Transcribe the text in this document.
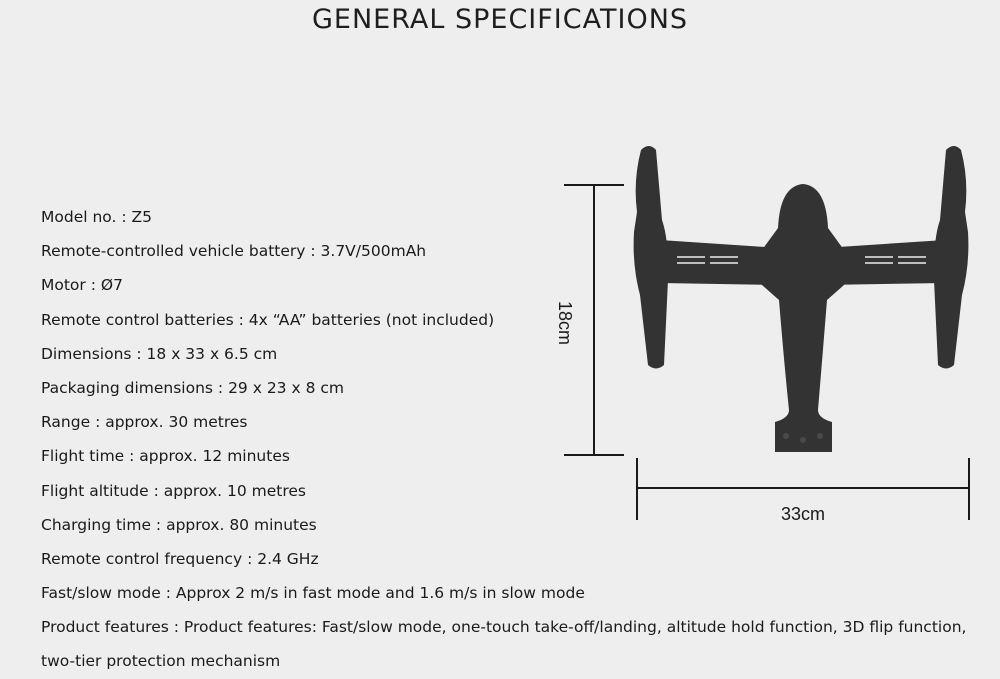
GENERAL SPECIFICATIONS
Model no. : Z5
Remote-controlled vehicle battery : 3.7V/500mAh
Motor : Ø7
Remote control batteries : 4x “AA” batteries (not included)
Dimensions : 18 x 33 x 6.5 cm
Packaging dimensions : 29 x 23 x 8 cm
Range : approx. 30 metres
Flight time : approx. 12 minutes
Flight altitude : approx. 10 metres
Charging time : approx. 80 minutes
Remote control frequency : 2.4 GHz
Fast/slow mode : Approx 2 m/s in fast mode and 1.6 m/s in slow mode
Product features : Product features: Fast/slow mode, one-touch take-off/landing, altitude hold function, 3D flip function, two-tier protection mechanism
18cm
33cm
